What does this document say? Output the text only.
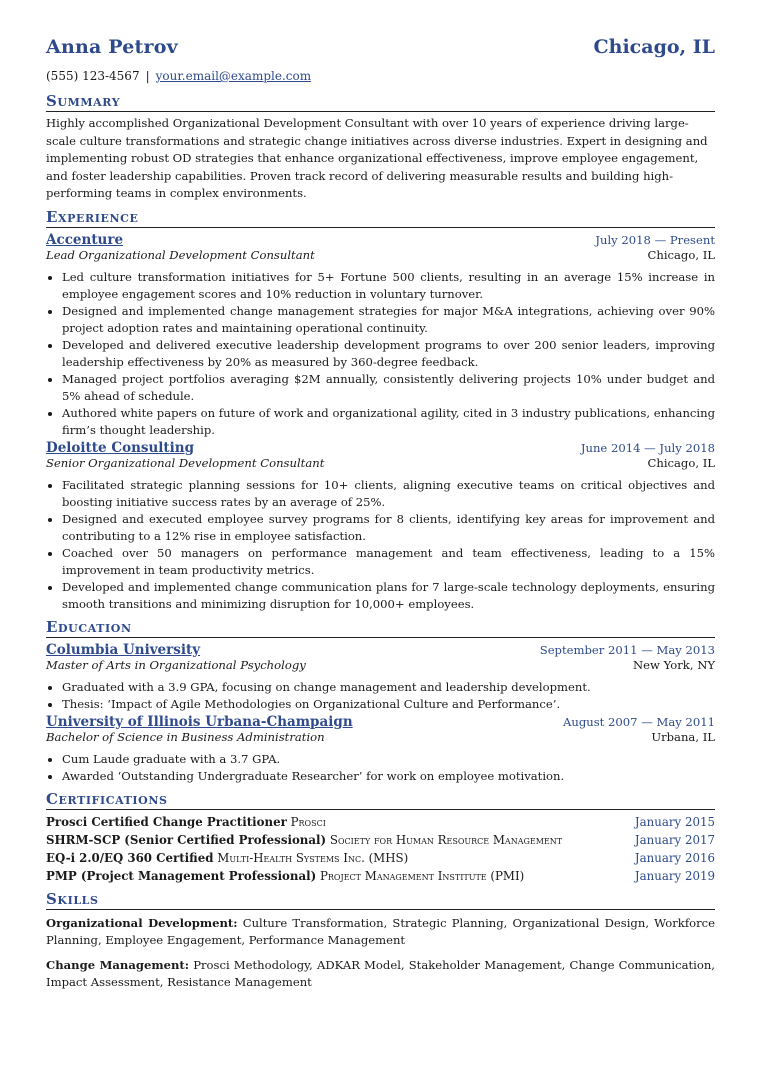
Anna Petrov	Chicago, IL
(555) 123-4567 | your.email@example.com
Summary
Highly accomplished Organizational Development Consultant with over 10 years of experience driving large-scale culture transformations and strategic change initiatives across diverse industries. Expert in designing and implementing robust OD strategies that enhance organizational effectiveness, improve employee engagement, and foster leadership capabilities. Proven track record of delivering measurable results and building high-performing teams in complex environments.
Experience
Accenture	July 2018 — Present
Lead Organizational Development Consultant	Chicago, IL
• Led culture transformation initiatives for 5+ Fortune 500 clients, resulting in an average 15% increase in employee engagement scores and 10% reduction in voluntary turnover.
• Designed and implemented change management strategies for major M&A integrations, achieving over 90% project adoption rates and maintaining operational continuity.
• Developed and delivered executive leadership development programs to over 200 senior leaders, improving leadership effectiveness by 20% as measured by 360-degree feedback.
• Managed project portfolios averaging $2M annually, consistently delivering projects 10% under budget and 5% ahead of schedule.
• Authored white papers on future of work and organizational agility, cited in 3 industry publications, enhancing firm’s thought leadership.
Deloitte Consulting	June 2014 — July 2018
Senior Organizational Development Consultant	Chicago, IL
• Facilitated strategic planning sessions for 10+ clients, aligning executive teams on critical objectives and boosting initiative success rates by an average of 25%.
• Designed and executed employee survey programs for 8 clients, identifying key areas for improvement and contributing to a 12% rise in employee satisfaction.
• Coached over 50 managers on performance management and team effectiveness, leading to a 15% improvement in team productivity metrics.
• Developed and implemented change communication plans for 7 large-scale technology deployments, ensuring smooth transitions and minimizing disruption for 10,000+ employees.
Education
Columbia University	September 2011 — May 2013
Master of Arts in Organizational Psychology	New York, NY
• Graduated with a 3.9 GPA, focusing on change management and leadership development.
• Thesis: ‘Impact of Agile Methodologies on Organizational Culture and Performance’.
University of Illinois Urbana-Champaign	August 2007 — May 2011
Bachelor of Science in Business Administration	Urbana, IL
• Cum Laude graduate with a 3.7 GPA.
• Awarded ‘Outstanding Undergraduate Researcher’ for work on employee motivation.
Certifications
Prosci Certified Change Practitioner Prosci	January 2015
SHRM-SCP (Senior Certified Professional) Society for Human Resource Management	January 2017
EQ-i 2.0/EQ 360 Certified Multi-Health Systems Inc. (MHS)	January 2016
PMP (Project Management Professional) Project Management Institute (PMI)	January 2019
Skills
Organizational Development: Culture Transformation, Strategic Planning, Organizational Design, Workforce Planning, Employee Engagement, Performance Management
Change Management: Prosci Methodology, ADKAR Model, Stakeholder Management, Change Communication, Impact Assessment, Resistance Management
